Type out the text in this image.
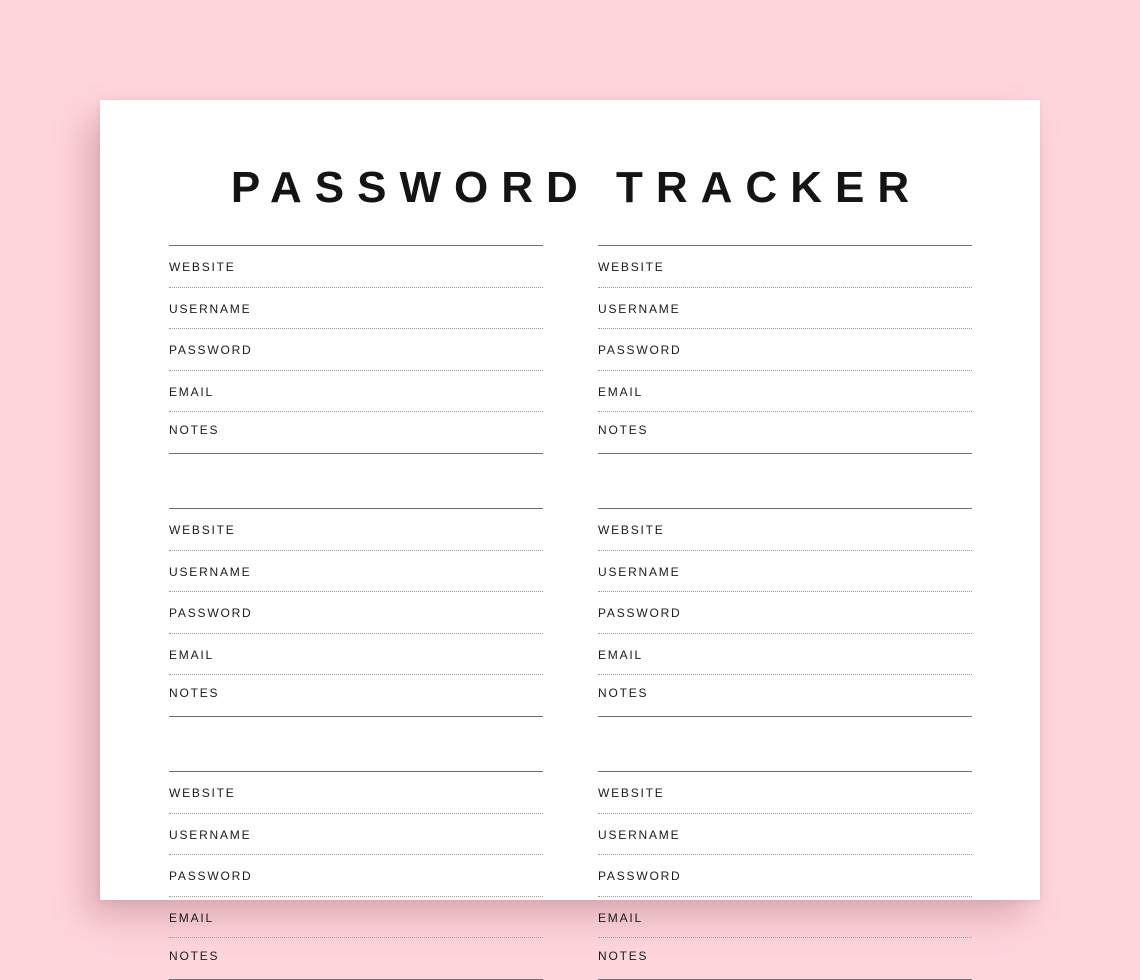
PASSWORD TRACKER
WEBSITE
USERNAME
PASSWORD
EMAIL
NOTES
WEBSITE
USERNAME
PASSWORD
EMAIL
NOTES
WEBSITE
USERNAME
PASSWORD
EMAIL
NOTES
WEBSITE
USERNAME
PASSWORD
EMAIL
NOTES
WEBSITE
USERNAME
PASSWORD
EMAIL
NOTES
WEBSITE
USERNAME
PASSWORD
EMAIL
NOTES
